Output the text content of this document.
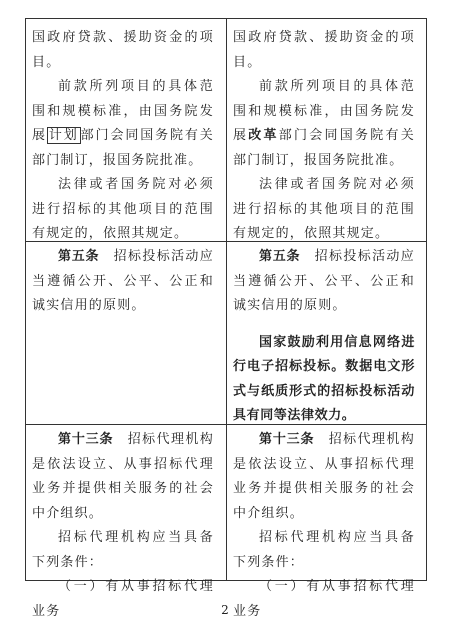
国政府贷款、援助资金的项目。

前款所列项目的具体范围和规模标准，由国务院发展 计划 部门会同国务院有关部门制订，报国务院批准。

法律或者国务院对必须进行招标的其他项目的范围有规定的，依照其规定。

国政府贷款、援助资金的项目。

前款所列项目的具体范围和规模标准，由国务院发展改革部门会同国务院有关部门制订，报国务院批准。

法律或者国务院对必须进行招标的其他项目的范围有规定的，依照其规定。

第五条　 招标投标活动应当遵循公开、公平、公正和诚实信用的原则。

第五条　 招标投标活动应当遵循公开、公平、公正和诚实信用的原则。

国家鼓励利用信息网络进行电子招标投标。数据电文形式与纸质形式的招标投标活动具有同等法律效力。

第十三条　 招标代理机构是依法设立、从事招标代理业务并提供相关服务的社会中介组织。

招标代理机构应当具备下列条件：

（一）有从事招标代理业务

第十三条　 招标代理机构是依法设立、从事招标代理业务并提供相关服务的社会中介组织。

招标代理机构应当具备下列条件：

（一）有从事招标代理业务

2
